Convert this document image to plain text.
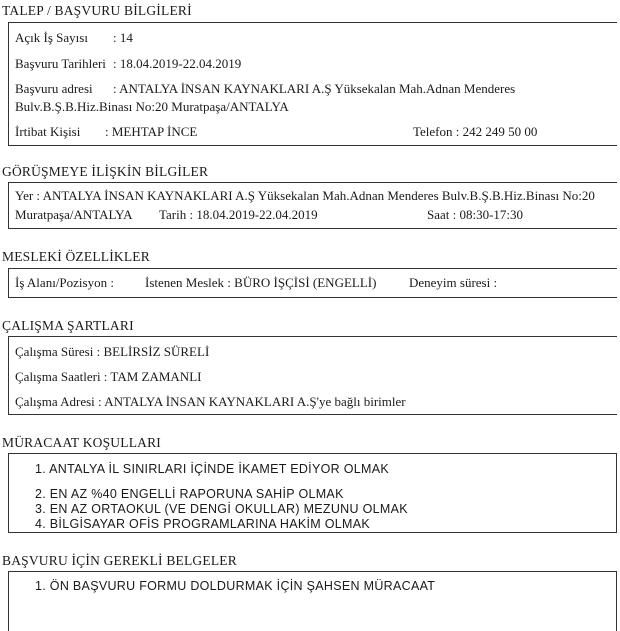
TALEP / BAŞVURU BİLGİLERİ
Açık İş Sayısı : 14
Başvuru Tarihleri : 18.04.2019-22.04.2019
Başvuru adresi : ANTALYA İNSAN KAYNAKLARI A.Ş Yüksekalan Mah.Adnan Menderes
Bulv.B.Ş.B.Hiz.Binası No:20 Muratpaşa/ANTALYA
İrtibat Kişisi : MEHTAP İNCE	Telefon : 242 249 50 00
GÖRÜŞMEYE İLİŞKİN BİLGİLER
Yer : ANTALYA İNSAN KAYNAKLARI A.Ş Yüksekalan Mah.Adnan Menderes Bulv.B.Ş.B.Hiz.Binası No:20
Muratpaşa/ANTALYA Tarih : 18.04.2019-22.04.2019	Saat : 08:30-17:30
MESLEKİ ÖZELLİKLER
İş Alanı/Pozisyon : İstenen Meslek : BÜRO İŞÇİSİ (ENGELLİ)	Deneyim süresi :
ÇALIŞMA ŞARTLARI
Çalışma Süresi : BELİRSİZ SÜRELİ
Çalışma Saatleri : TAM ZAMANLI
Çalışma Adresi : ANTALYA İNSAN KAYNAKLARI A.Ş'ye bağlı birimler
MÜRACAAT KOŞULLARI
1. ANTALYA İL SINIRLARI İÇİNDE İKAMET EDİYOR OLMAK
2. EN AZ %40 ENGELLİ RAPORUNA SAHİP OLMAK
3. EN AZ ORTAOKUL (VE DENGİ OKULLAR) MEZUNU OLMAK
4. BİLGİSAYAR OFİS PROGRAMLARINA HAKİM OLMAK
BAŞVURU İÇİN GEREKLİ BELGELER
1. ÖN BAŞVURU FORMU DOLDURMAK İÇİN ŞAHSEN MÜRACAAT
